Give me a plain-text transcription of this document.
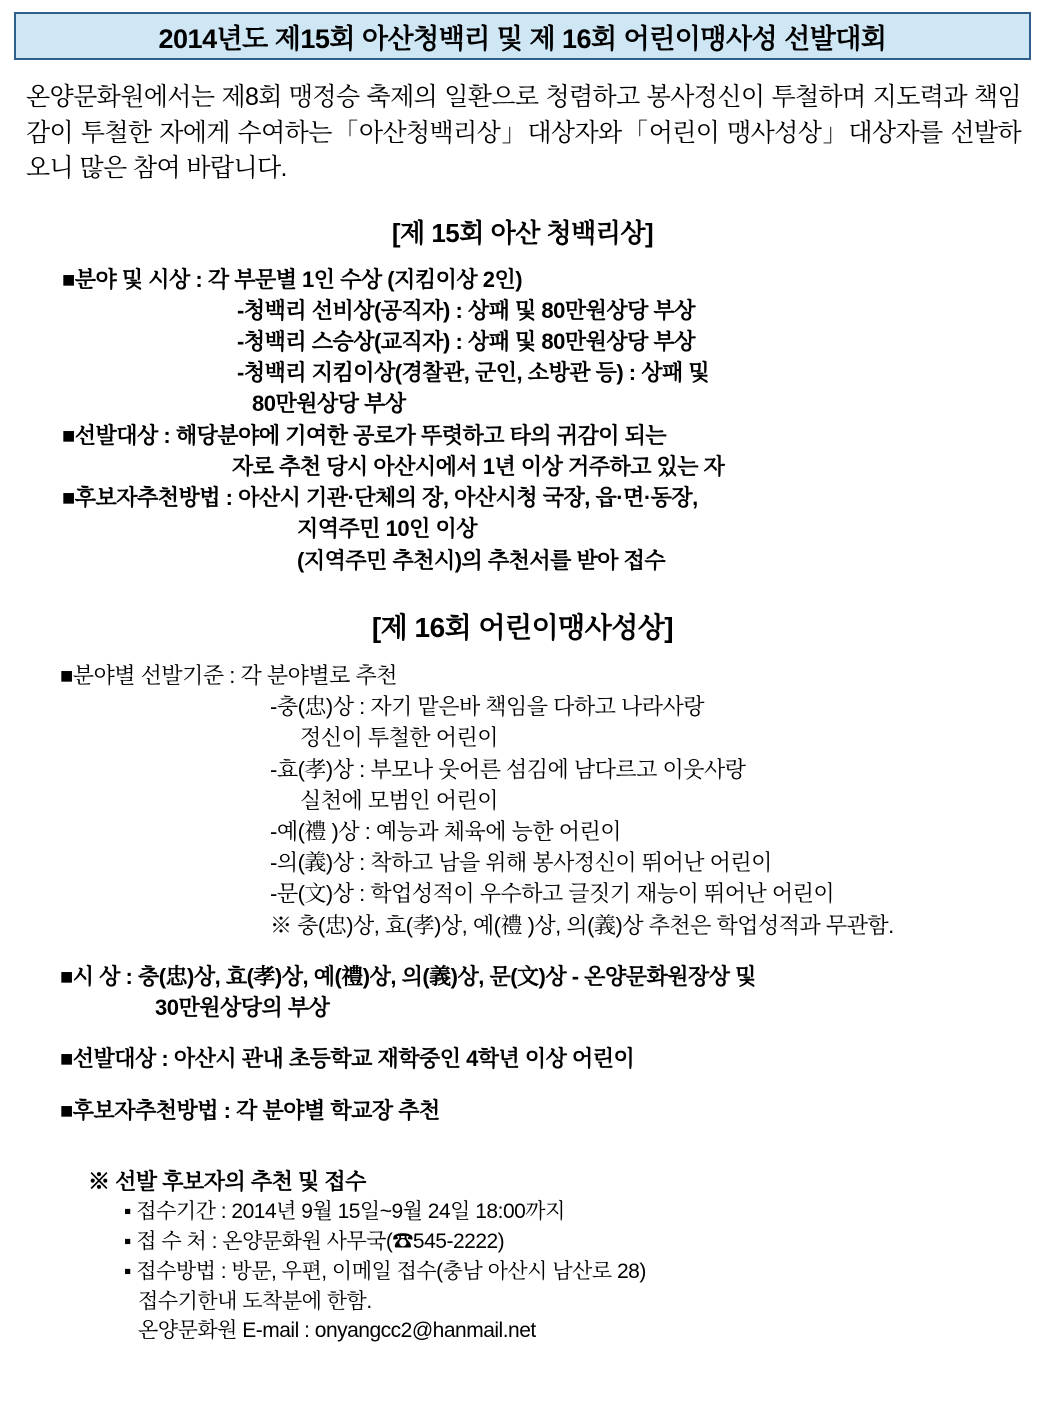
2014년도 제15회 아산청백리 및 제 16회 어린이맹사성 선발대회
온양문화원에서는 제8회 맹정승 축제의 일환으로 청렴하고 봉사정신이 투철하며 지도력과 책임감이 투철한 자에게 수여하는「아산청백리상」대상자와「어린이 맹사성상」대상자를 선발하오니 많은 참여 바랍니다.
[제 15회 아산 청백리상]
■분야 및 시상 : 각 부문별 1인 수상 (지킴이상 2인)
-청백리 선비상(공직자) : 상패 및 80만원상당 부상
-청백리 스승상(교직자) : 상패 및 80만원상당 부상
-청백리 지킴이상(경찰관, 군인, 소방관 등) : 상패 및
80만원상당 부상
■선발대상 : 해당분야에 기여한 공로가 뚜렷하고 타의 귀감이 되는
자로 추천 당시 아산시에서 1년 이상 거주하고 있는 자
■후보자추천방법 : 아산시 기관·단체의 장, 아산시청 국장, 읍·면·동장,
지역주민 10인 이상
(지역주민 추천시)의 추천서를 받아 접수
[제 16회 어린이맹사성상]
■분야별 선발기준 : 각 분야별로 추천
-충(忠)상 : 자기 맡은바 책임을 다하고 나라사랑
정신이 투철한 어린이
-효(孝)상 : 부모나 웃어른 섬김에 남다르고 이웃사랑
실천에 모범인 어린이
-예(禮 )상 : 예능과 체육에 능한 어린이
-의(義)상 : 착하고 남을 위해 봉사정신이 뛰어난 어린이
-문(文)상 : 학업성적이 우수하고 글짓기 재능이 뛰어난 어린이
※ 충(忠)상, 효(孝)상, 예(禮 )상, 의(義)상 추천은 학업성적과 무관함.
■시 상 : 충(忠)상, 효(孝)상, 예(禮)상, 의(義)상, 문(文)상 - 온양문화원장상 및
30만원상당의 부상
■선발대상 : 아산시 관내 초등학교 재학중인 4학년 이상 어린이
■후보자추천방법 : 각 분야별 학교장 추천
※ 선발 후보자의 추천 및 접수
▪ 접수기간 : 2014년 9월 15일~9월 24일 18:00까지
▪ 접 수 처 : 온양문화원 사무국(☎545-2222)
▪ 접수방법 : 방문, 우편, 이메일 접수(충남 아산시 남산로 28)
접수기한내 도착분에 한함.
온양문화원 E-mail : onyangcc2@hanmail.net
